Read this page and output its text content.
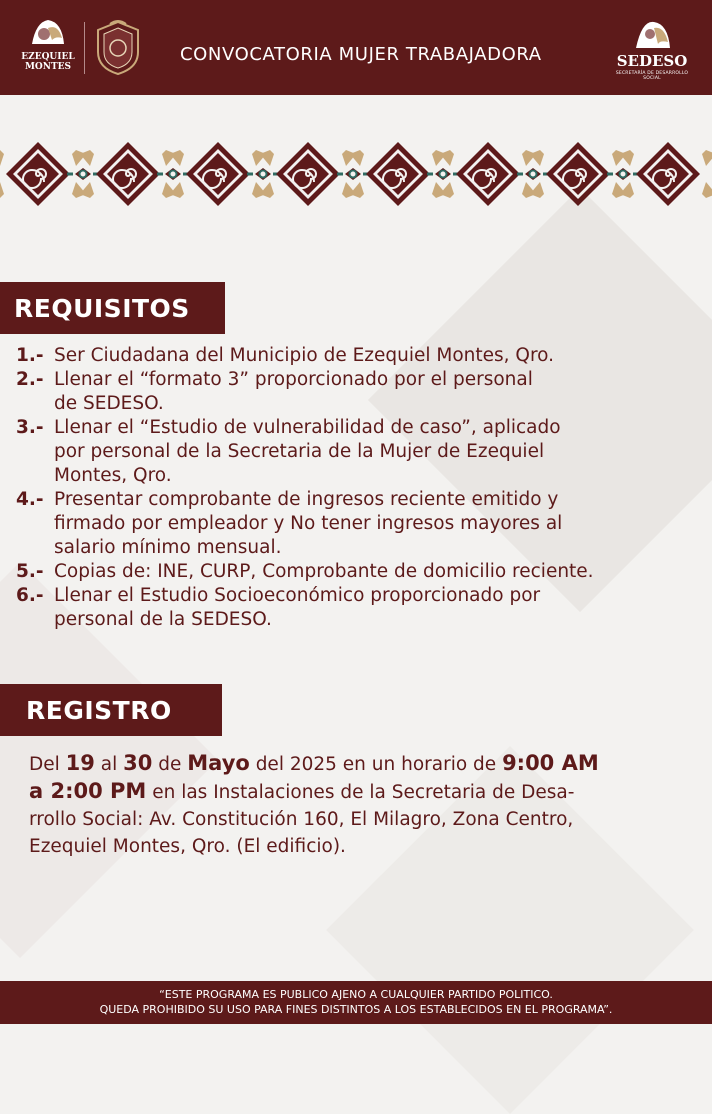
EZEQUIEL
MONTES
CONVOCATORIA MUJER TRABAJADORA	SEDESO
SECRETARÍA DE DESARROLLO SOCIAL
REQUISITOS
1.- Ser Ciudadana del Municipio de Ezequiel Montes, Qro.
2.- Llenar el “formato 3” proporcionado por el personal
de SEDESO.
3.- Llenar el “Estudio de vulnerabilidad de caso”, aplicado
por personal de la Secretaria de la Mujer de Ezequiel
Montes, Qro.
4.- Presentar comprobante de ingresos reciente emitido y
firmado por empleador y No tener ingresos mayores al
salario mínimo mensual.
5.- Copias de: INE, CURP, Comprobante de domicilio reciente.
6.- Llenar el Estudio Socioeconómico proporcionado por
personal de la SEDESO.
REGISTRO
Del 19 al 30 de Mayo del 2025 en un horario de 9:00 AM
a 2:00 PM en las Instalaciones de la Secretaria de Desa-
rrollo Social: Av. Constitución 160, El Milagro, Zona Centro,
Ezequiel Montes, Qro. (El edificio).
“ESTE PROGRAMA ES PUBLICO AJENO A CUALQUIER PARTIDO POLITICO.
QUEDA PROHIBIDO SU USO PARA FINES DISTINTOS A LOS ESTABLECIDOS EN EL PROGRAMA”.
